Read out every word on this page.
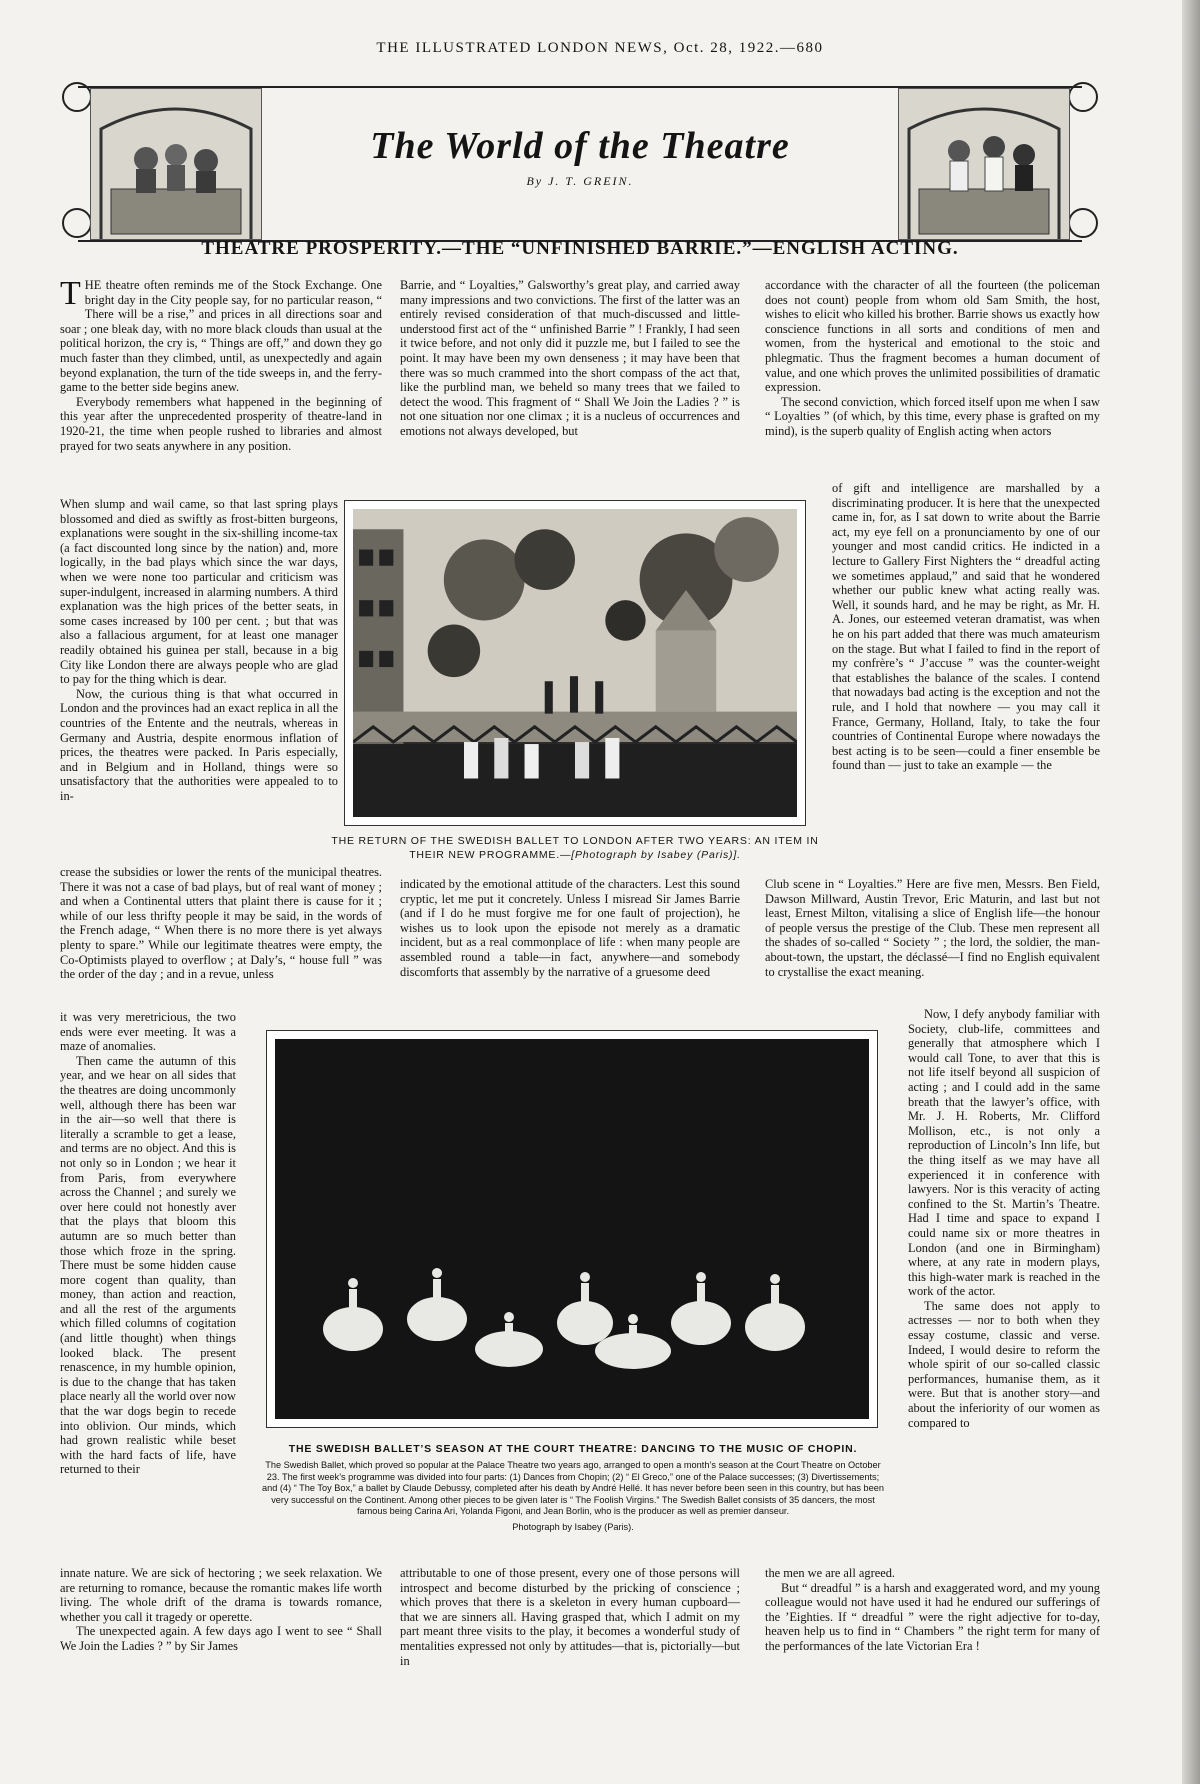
THE ILLUSTRATED LONDON NEWS, Oct. 28, 1922.—680
The World of the Theatre
By J. T. GREIN.
THEATRE PROSPERITY.—THE “UNFINISHED BARRIE.”—ENGLISH ACTING.

THE theatre often reminds me of the Stock Exchange. One bright day in the City people say, for no particular reason, “ There will be a rise,” and prices in all directions soar and soar ; one bleak day, with no more black clouds than usual at the political horizon, the cry is, “ Things are off,” and down they go much faster than they climbed, until, as unexpectedly and again beyond explanation, the turn of the tide sweeps in, and the ferry-game to the better side begins anew.

Everybody remembers what happened in the beginning of this year after the unprecedented prosperity of theatre-land in 1920-21, the time when people rushed to libraries and almost prayed for two seats anywhere in any position.

When slump and wail came, so that last spring plays blossomed and died as swiftly as frost-bitten burgeons, explanations were sought in the six-shilling income-tax (a fact discounted long since by the nation) and, more logically, in the bad plays which since the war days, when we were none too particular and criticism was super-indulgent, increased in alarming numbers. A third explanation was the high prices of the better seats, in some cases increased by 100 per cent. ; but that was also a fallacious argument, for at least one manager readily obtained his guinea per stall, because in a big City like London there are always people who are glad to pay for the thing which is dear.

Now, the curious thing is that what occurred in London and the provinces had an exact replica in all the countries of the Entente and the neutrals, whereas in Germany and Austria, despite enormous inflation of prices, the theatres were packed. In Paris especially, and in Belgium and in Holland, things were so unsatisfactory that the authorities were appealed to to in-

crease the subsidies or lower the rents of the municipal theatres. There it was not a case of bad plays, but of real want of money ; and when a Continental utters that plaint there is cause for it ; while of our less thrifty people it may be said, in the words of the French adage, “ When there is no more there is yet always plenty to spare.” While our legitimate theatres were empty, the Co-Optimists played to overflow ; at Daly’s, “ house full ” was the order of the day ; and in a revue, unless

it was very meretricious, the two ends were ever meeting. It was a maze of anomalies.

Then came the autumn of this year, and we hear on all sides that the theatres are doing uncommonly well, although there has been war in the air—so well that there is literally a scramble to get a lease, and terms are no object. And this is not only so in London ; we hear it from Paris, from everywhere across the Channel ; and surely we over here could not honestly aver that the plays that bloom this autumn are so much better than those which froze in the spring. There must be some hidden cause more cogent than quality, than money, than action and reaction, and all the rest of the arguments which filled columns of cogitation (and little thought) when things looked black. The present renascence, in my humble opinion, is due to the change that has taken place nearly all the world over now that the war dogs begin to recede into oblivion. Our minds, which had grown realistic while beset with the hard facts of life, have returned to their

innate nature. We are sick of hectoring ; we seek relaxation. We are returning to romance, because the romantic makes life worth living. The whole drift of the drama is towards romance, whether you call it tragedy or operette.

The unexpected again. A few days ago I went to see “ Shall We Join the Ladies ? ” by Sir James

Barrie, and “ Loyalties,” Galsworthy’s great play, and carried away many impressions and two convictions. The first of the latter was an entirely revised consideration of that much-discussed and little-understood first act of the “ unfinished Barrie ” ! Frankly, I had seen it twice before, and not only did it puzzle me, but I failed to see the point. It may have been my own denseness ; it may have been that there was so much crammed into the short compass of the act that, like the purblind man, we beheld so many trees that we failed to detect the wood. This fragment of “ Shall We Join the Ladies ? ” is not one situation nor one climax ; it is a nucleus of occurrences and emotions not always developed, but

indicated by the emotional attitude of the characters. Lest this sound cryptic, let me put it concretely. Unless I misread Sir James Barrie (and if I do he must forgive me for one fault of projection), he wishes us to look upon the episode not merely as a dramatic incident, but as a real commonplace of life : when many people are assembled round a table—in fact, anywhere—and somebody discomforts that assembly by the narrative of a gruesome deed

attributable to one of those present, every one of those persons will introspect and become disturbed by the pricking of conscience ; which proves that there is a skeleton in every human cupboard—that we are sinners all. Having grasped that, which I admit on my part meant three visits to the play, it becomes a wonderful study of mentalities expressed not only by attitudes—that is, pictorially—but in

accordance with the character of all the fourteen (the policeman does not count) people from whom old Sam Smith, the host, wishes to elicit who killed his brother. Barrie shows us exactly how conscience functions in all sorts and conditions of men and women, from the hysterical and emotional to the stoic and phlegmatic. Thus the fragment becomes a human document of value, and one which proves the unlimited possibilities of dramatic expression.

The second conviction, which forced itself upon me when I saw “ Loyalties ” (of which, by this time, every phase is grafted on my mind), is the superb quality of English acting when actors

of gift and intelligence are marshalled by a discriminating producer. It is here that the unexpected came in, for, as I sat down to write about the Barrie act, my eye fell on a pronunciamento by one of our younger and most candid critics. He indicted in a lecture to Gallery First Nighters the “ dreadful acting we sometimes applaud,” and said that he wondered whether our public knew what acting really was. Well, it sounds hard, and he may be right, as Mr. H. A. Jones, our esteemed veteran dramatist, was when he on his part added that there was much amateurism on the stage. But what I failed to find in the report of my confrère’s “ J’accuse ” was the counter-weight that establishes the balance of the scales. I contend that nowadays bad acting is the exception and not the rule, and I hold that nowhere — you may call it France, Germany, Holland, Italy, to take the four countries of Continental Europe where nowadays the best acting is to be seen—could a finer ensemble be found than — just to take an example — the

Club scene in “ Loyalties.” Here are five men, Messrs. Ben Field, Dawson Millward, Austin Trevor, Eric Maturin, and last but not least, Ernest Milton, vitalising a slice of English life—the honour of people versus the prestige of the Club. These men represent all the shades of so-called “ Society ” ; the lord, the soldier, the man-about-town, the upstart, the déclassé—I find no English equivalent to crystallise the exact meaning.

Now, I defy anybody familiar with Society, club-life, committees and generally that atmosphere which I would call Tone, to aver that this is not life itself beyond all suspicion of acting ; and I could add in the same breath that the lawyer’s office, with Mr. J. H. Roberts, Mr. Clifford Mollison, etc., is not only a reproduction of Lincoln’s Inn life, but the thing itself as we may have all experienced it in conference with lawyers. Nor is this veracity of acting confined to the St. Martin’s Theatre. Had I time and space to expand I could name six or more theatres in London (and one in Birmingham) where, at any rate in modern plays, this high-water mark is reached in the work of the actor.

The same does not apply to actresses — nor to both when they essay costume, classic and verse. Indeed, I would desire to reform the whole spirit of our so-called classic performances, humanise them, as it were. But that is another story—and about the inferiority of our women as compared to

the men we are all agreed.

But “ dreadful ” is a harsh and exaggerated word, and my young colleague would not have used it had he endured our sufferings of the ’Eighties. If “ dreadful ” were the right adjective for to-day, heaven help us to find in “ Chambers ” the right term for many of the performances of the late Victorian Era !

THE RETURN OF THE SWEDISH BALLET TO LONDON AFTER TWO YEARS: AN ITEM IN THEIR NEW PROGRAMME.—[Photograph by Isabey (Paris)].
THE SWEDISH BALLET’S SEASON AT THE COURT THEATRE: DANCING TO THE MUSIC OF CHOPIN.
The Swedish Ballet, which proved so popular at the Palace Theatre two years ago, arranged to open a month’s season at the Court Theatre on October 23. The first week’s programme was divided into four parts: (1) Dances from Chopin; (2) “ El Greco,” one of the Palace successes; (3) Divertissements; and (4) “ The Toy Box,” a ballet by Claude Debussy, completed after his death by André Hellé. It has never before been seen in this country, but has been very successful on the Continent. Among other pieces to be given later is “ The Foolish Virgins.” The Swedish Ballet consists of 35 dancers, the most famous being Carina Ari, Yolanda Figoni, and Jean Borlin, who is the producer as well as premier danseur.
Photograph by Isabey (Paris).
